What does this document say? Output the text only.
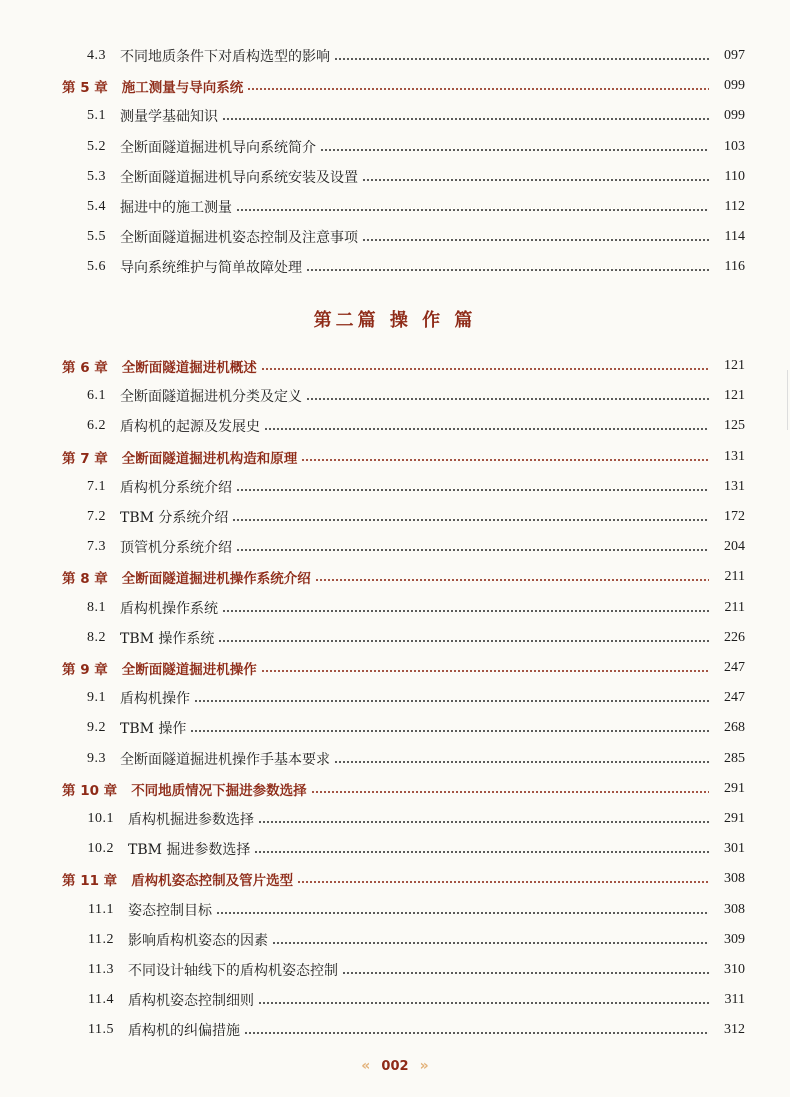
4.3	不同地质条件下对盾构选型的影响	097
第 5 章	施工测量与导向系统	099
5.1	测量学基础知识	099
5.2	全断面隧道掘进机导向系统简介	103
5.3	全断面隧道掘进机导向系统安装及设置	110
5.4	掘进中的施工测量	112
5.5	全断面隧道掘进机姿态控制及注意事项	114
5.6	导向系统维护与简单故障处理	116
第二篇 操 作 篇
第 6 章	全断面隧道掘进机概述	121
6.1	全断面隧道掘进机分类及定义	121
6.2	盾构机的起源及发展史	125
第 7 章	全断面隧道掘进机构造和原理	131
7.1	盾构机分系统介绍	131
7.2	TBM 分系统介绍	172
7.3	顶管机分系统介绍	204
第 8 章	全断面隧道掘进机操作系统介绍	211
8.1	盾构机操作系统	211
8.2	TBM 操作系统	226
第 9 章	全断面隧道掘进机操作	247
9.1	盾构机操作	247
9.2	TBM 操作	268
9.3	全断面隧道掘进机操作手基本要求	285
第 10 章	不同地质情况下掘进参数选择	291
10.1	盾构机掘进参数选择	291
10.2	TBM 掘进参数选择	301
第 11 章	盾构机姿态控制及管片选型	308
11.1	姿态控制目标	308
11.2	影响盾构机姿态的因素	309
11.3	不同设计轴线下的盾构机姿态控制	310
11.4	盾构机姿态控制细则	311
11.5	盾构机的纠偏措施	312
« 002 »
